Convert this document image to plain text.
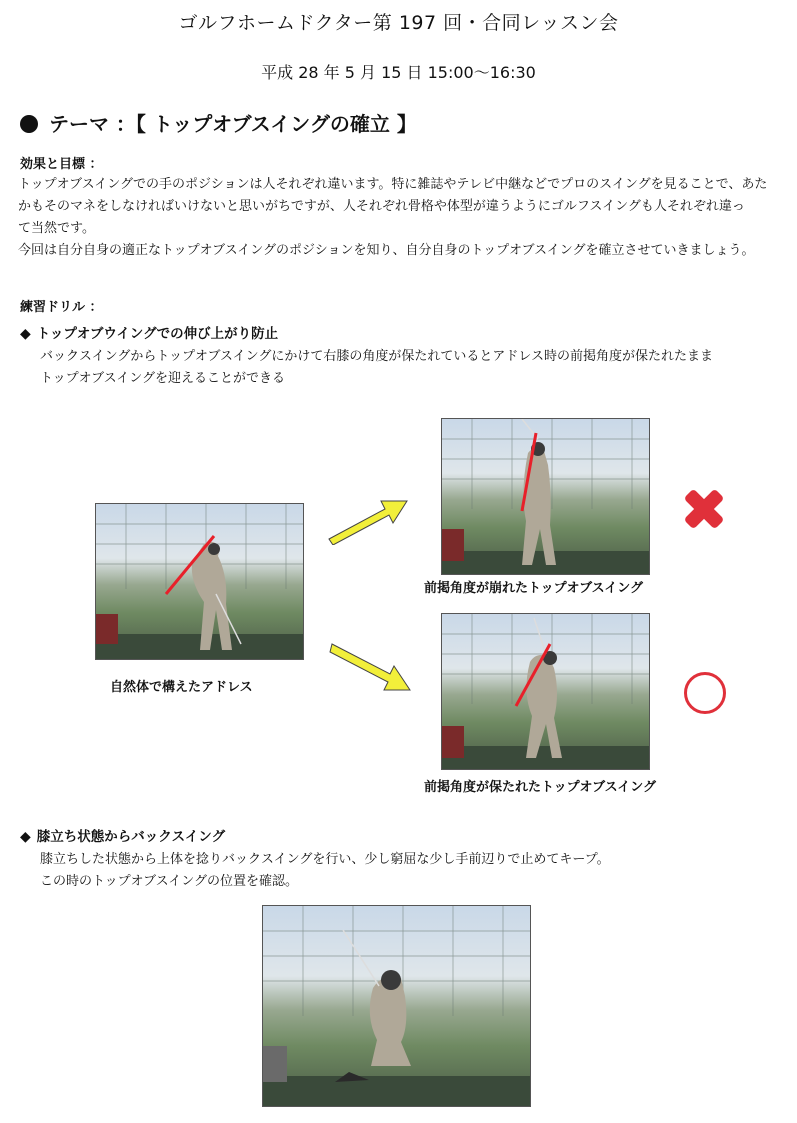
ゴルフホームドクター第 197 回・合同レッスン会
平成 28 年 5 月 15 日 15:00〜16:30
テーマ ：【 トップオブスイングの確立 】
効果と目標 ：
トップオブスイングでの手のポジションは人それぞれ違います。特に雑誌やテレビ中継などでプロのスイングを見ることで、あた
かもそのマネをしなければいけないと思いがちですが、人それぞれ骨格や体型が違うようにゴルフスイングも人それぞれ違っ
て当然です。
今回は自分自身の適正なトップオブスイングのポジションを知り、自分自身のトップオブスイングを確立させていきましょう。
練習ドリル ：
◆ トップオブウイングでの伸び上がり防止
バックスイングからトップオブスイングにかけて右膝の角度が保たれているとアドレス時の前掲角度が保たれたまま
トップオブスイングを迎えることができる
自然体で構えたアドレス
前掲角度が崩れたトップオブスイング
前掲角度が保たれたトップオブスイング
◆ 膝立ち状態からバックスイング
膝立ちした状態から上体を捻りバックスイングを行い、少し窮屈な少し手前辺りで止めてキープ。
この時のトップオブスイングの位置を確認。
